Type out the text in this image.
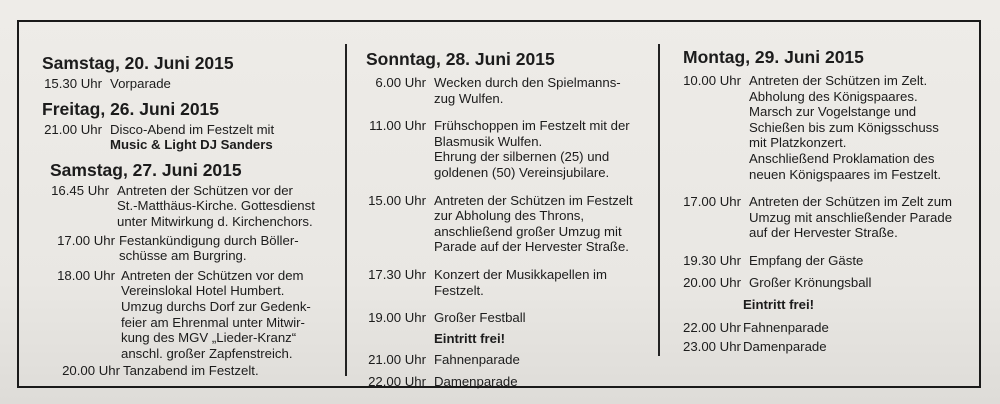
Samstag, 20. Juni 2015
15.30 Uhr Vorparade
Freitag, 26. Juni 2015
21.00 Uhr Disco-Abend im Festzelt mit
Music & Light DJ Sanders
Samstag, 27. Juni 2015
16.45 Uhr Antreten der Schützen vor der
St.-Matthäus-Kirche. Gottesdienst
unter Mitwirkung d. Kirchenchors.
17.00 Uhr Festankündigung durch Böller-
schüsse am Burgring.
18.00 Uhr Antreten der Schützen vor dem
Vereinslokal Hotel Humbert.
Umzug durchs Dorf zur Gedenk-
feier am Ehrenmal unter Mitwir-
kung des MGV „Lieder-Kranz“
anschl. großer Zapfenstreich.
20.00 Uhr Tanzabend im Festzelt.
Sonntag, 28. Juni 2015
6.00 Uhr Wecken durch den Spielmanns-
zug Wulfen.
11.00 Uhr Frühschoppen im Festzelt mit der
Blasmusik Wulfen.
Ehrung der silbernen (25) und
goldenen (50) Vereinsjubilare.
15.00 Uhr Antreten der Schützen im Festzelt
zur Abholung des Throns,
anschließend großer Umzug mit
Parade auf der Hervester Straße.
17.30 Uhr Konzert der Musikkapellen im
Festzelt.
19.00 Uhr Großer Festball
Eintritt frei!
21.00 Uhr Fahnenparade
22.00 Uhr Damenparade
Montag, 29. Juni 2015
10.00 Uhr Antreten der Schützen im Zelt.
Abholung des Königspaares.
Marsch zur Vogelstange und
Schießen bis zum Königsschuss
mit Platzkonzert.
Anschließend Proklamation des
neuen Königspaares im Festzelt.
17.00 Uhr Antreten der Schützen im Zelt zum
Umzug mit anschließender Parade
auf der Hervester Straße.
19.30 Uhr Empfang der Gäste
20.00 Uhr Großer Krönungsball
Eintritt frei!
22.00 Uhr Fahnenparade
23.00 Uhr Damenparade
